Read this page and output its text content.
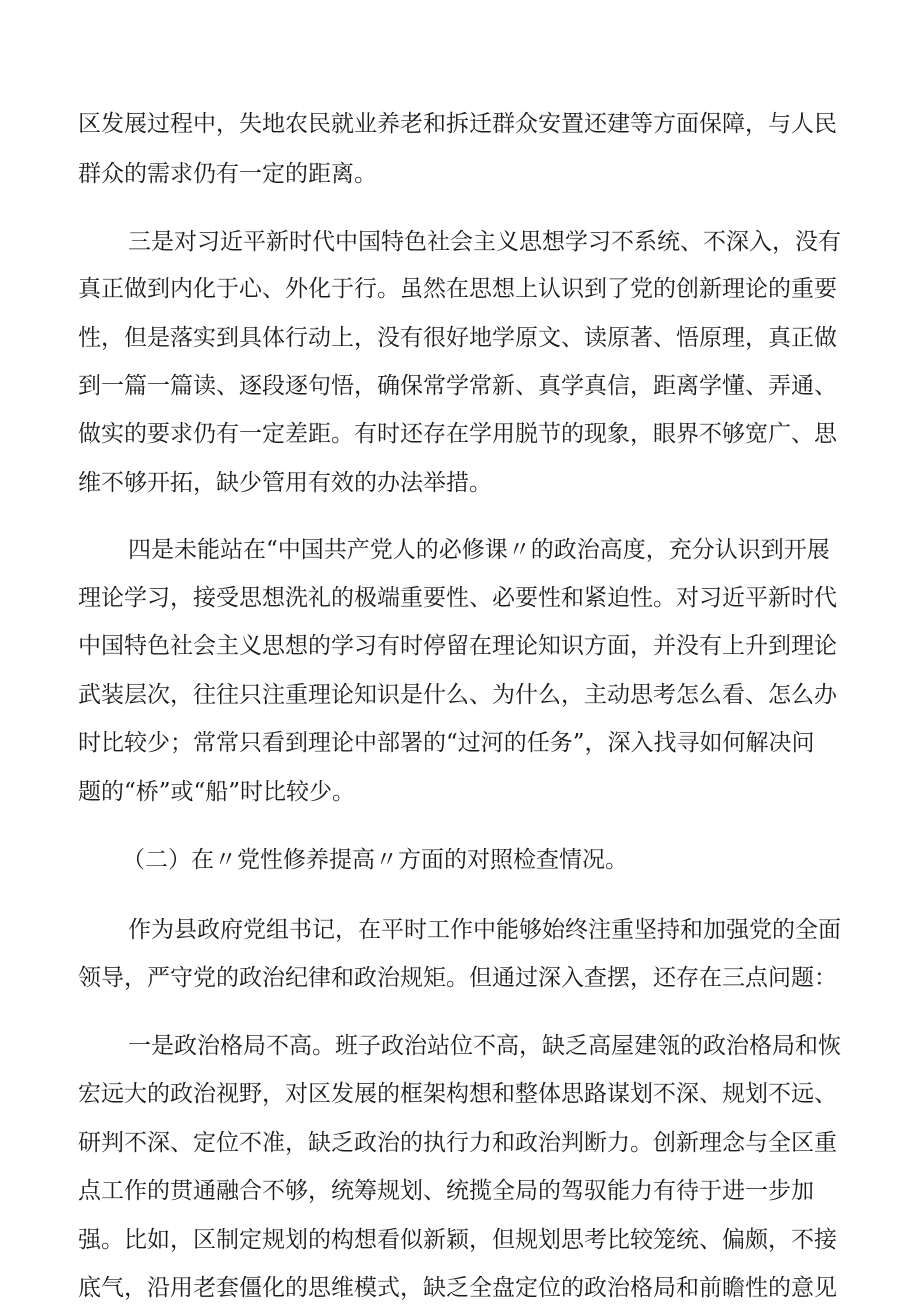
区发展过程中，失地农民就业养老和拆迁群众安置还建等方面保障，与人民
群众的需求仍有一定的距离。
三是对习近平新时代中国特色社会主义思想学习不系统、不深入，没有
真正做到内化于心、外化于行。虽然在思想上认识到了党的创新理论的重要
性，但是落实到具体行动上，没有很好地学原文、读原著、悟原理，真正做
到一篇一篇读、逐段逐句悟，确保常学常新、真学真信，距离学懂、弄通、
做实的要求仍有一定差距。有时还存在学用脱节的现象，眼界不够宽广、思
维不够开拓，缺少管用有效的办法举措。
四是未能站在“中国共产党人的必修课〃的政治高度，充分认识到开展
理论学习，接受思想洗礼的极端重要性、必要性和紧迫性。对习近平新时代
中国特色社会主义思想的学习有时停留在理论知识方面，并没有上升到理论
武装层次，往往只注重理论知识是什么、为什么，主动思考怎么看、怎么办
时比较少；常常只看到理论中部署的“过河的任务”，深入找寻如何解决问
题的“桥”或“船”时比较少。
（二）在〃党性修养提高〃方面的对照检查情况。
作为县政府党组书记，在平时工作中能够始终注重坚持和加强党的全面
领导，严守党的政治纪律和政治规矩。但通过深入查摆，还存在三点问题：
一是政治格局不高。班子政治站位不高，缺乏高屋建瓴的政治格局和恢
宏远大的政治视野，对区发展的框架构想和整体思路谋划不深、规划不远、
研判不深、定位不准，缺乏政治的执行力和政治判断力。创新理念与全区重
点工作的贯通融合不够，统筹规划、统揽全局的驾驭能力有待于进一步加
强。比如，区制定规划的构想看似新颖，但规划思考比较笼统、偏颇，不接
底气，沿用老套僵化的思维模式，缺乏全盘定位的政治格局和前瞻性的意见
